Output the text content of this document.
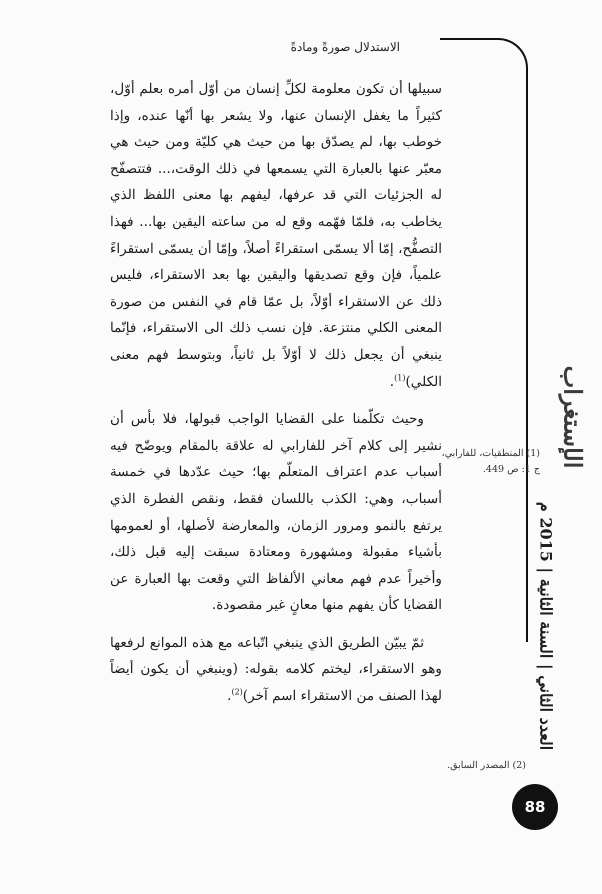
الاستدلال صورةً ومادةً

سبيلها أن تكون معلومة لكلِّ إنسان من أوّل أمره بعلم أوّل، كثيراً ما يغفل الإنسان عنها، ولا يشعر بها أنّها عنده، وإذا خوطب بها، لم يصدّق بها من حيث هي كليّة ومن حيث هي معبّر عنها بالعبارة التي يسمعها في ذلك الوقت،... فتتصفّح له الجزئيات التي قد عرفها، ليفهم بها معنى اللفظ الذي يخاطب به، فلمّا فهّمه وقع له من ساعته اليقين بها... فهذا التصفُّح، إمّا ألا يسمّى استقراءً أصلاً، وإمّا أن يسمّى استقراءً علمياً، فإن وقع تصديقها واليقين بها بعد الاستقراء، فليس ذلك عن الاستقراء أوّلاً، بل عمّا قام في النفس من صورة المعنى الكلي منتزعة. فإن نسب ذلك الى الاستقراء، فإنّما ينبغي أن يجعل ذلك لا أوّلاً بل ثانياً، وبتوسط فهم معنى الكلي)$^{(1)}$.

وحيث تكلّمنا على القضايا الواجب قبولها، فلا بأس أن نشير إلى كلام آخر للفارابي له علاقة بالمقام ويوضّح فيه أسباب عدم اعتراف المتعلّم بها؛ حيث عدّدها في خمسة أسباب، وهي: الكذب باللسان فقط، ونقص الفطرة الذي يرتفع بالنمو ومرور الزمان، والمعارضة لأصلها، أو لعمومها بأشياء مقبولة ومشهورة ومعتادة سبقت إليه قبل ذلك، وأخيراً عدم فهم معاني الألفاظ التي وقعت بها العبارة عن القضايا كأن يفهم منها معانٍ غير مقصودة.

ثمّ يبيّن الطريق الذي ينبغي اتّباعه مع هذه الموانع لرفعها وهو الاستقراء، ليختم كلامه بقوله: (وينبغي أن يكون أيضاً لهذا الصنف من الاستقراء اسم آخر)$^{(2)}$.

(1) المنطقيات، للفارابي،
ج 1: ص 449.
(2) المصدر السابق.
الإستغراب
العدد الثاني | السنة الثانية | 2015 م
88
